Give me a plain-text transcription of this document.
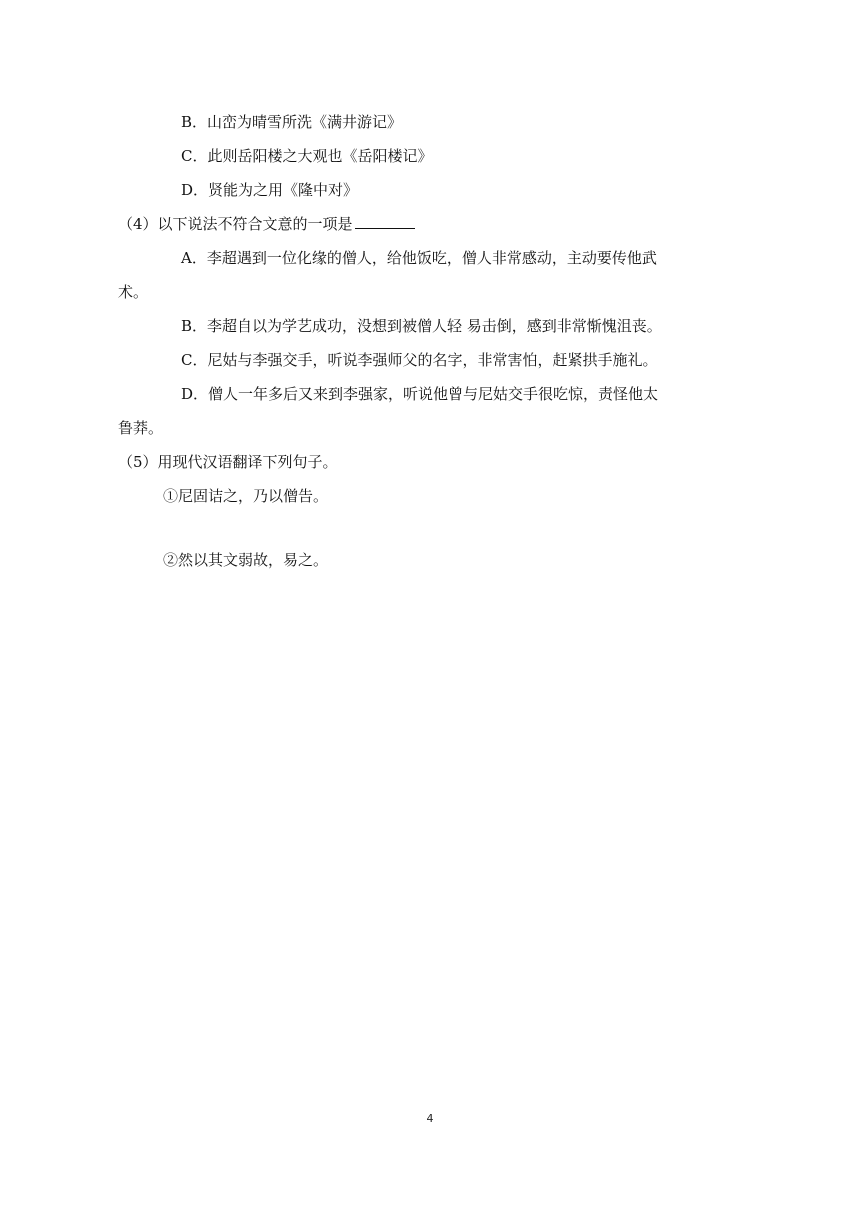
B．山峦为晴雪所洗《满井游记》
C．此则岳阳楼之大观也《岳阳楼记》
D．贤能为之用《隆中对》
（4）以下说法不符合文意的一项是
A．李超遇到一位化缘的僧人，给他饭吃，僧人非常感动，主动要传他武
术。
B．李超自以为学艺成功，没想到被僧人轻 易击倒，感到非常惭愧沮丧。
C．尼姑与李强交手，听说李强师父的名字，非常害怕，赶紧拱手施礼。
D．僧人一年多后又来到李强家，听说他曾与尼姑交手很吃惊，责怪他太
鲁莽。
（5）用现代汉语翻译下列句子。
①尼固诘之，乃以僧告。
②然以其文弱故，易之。
4
